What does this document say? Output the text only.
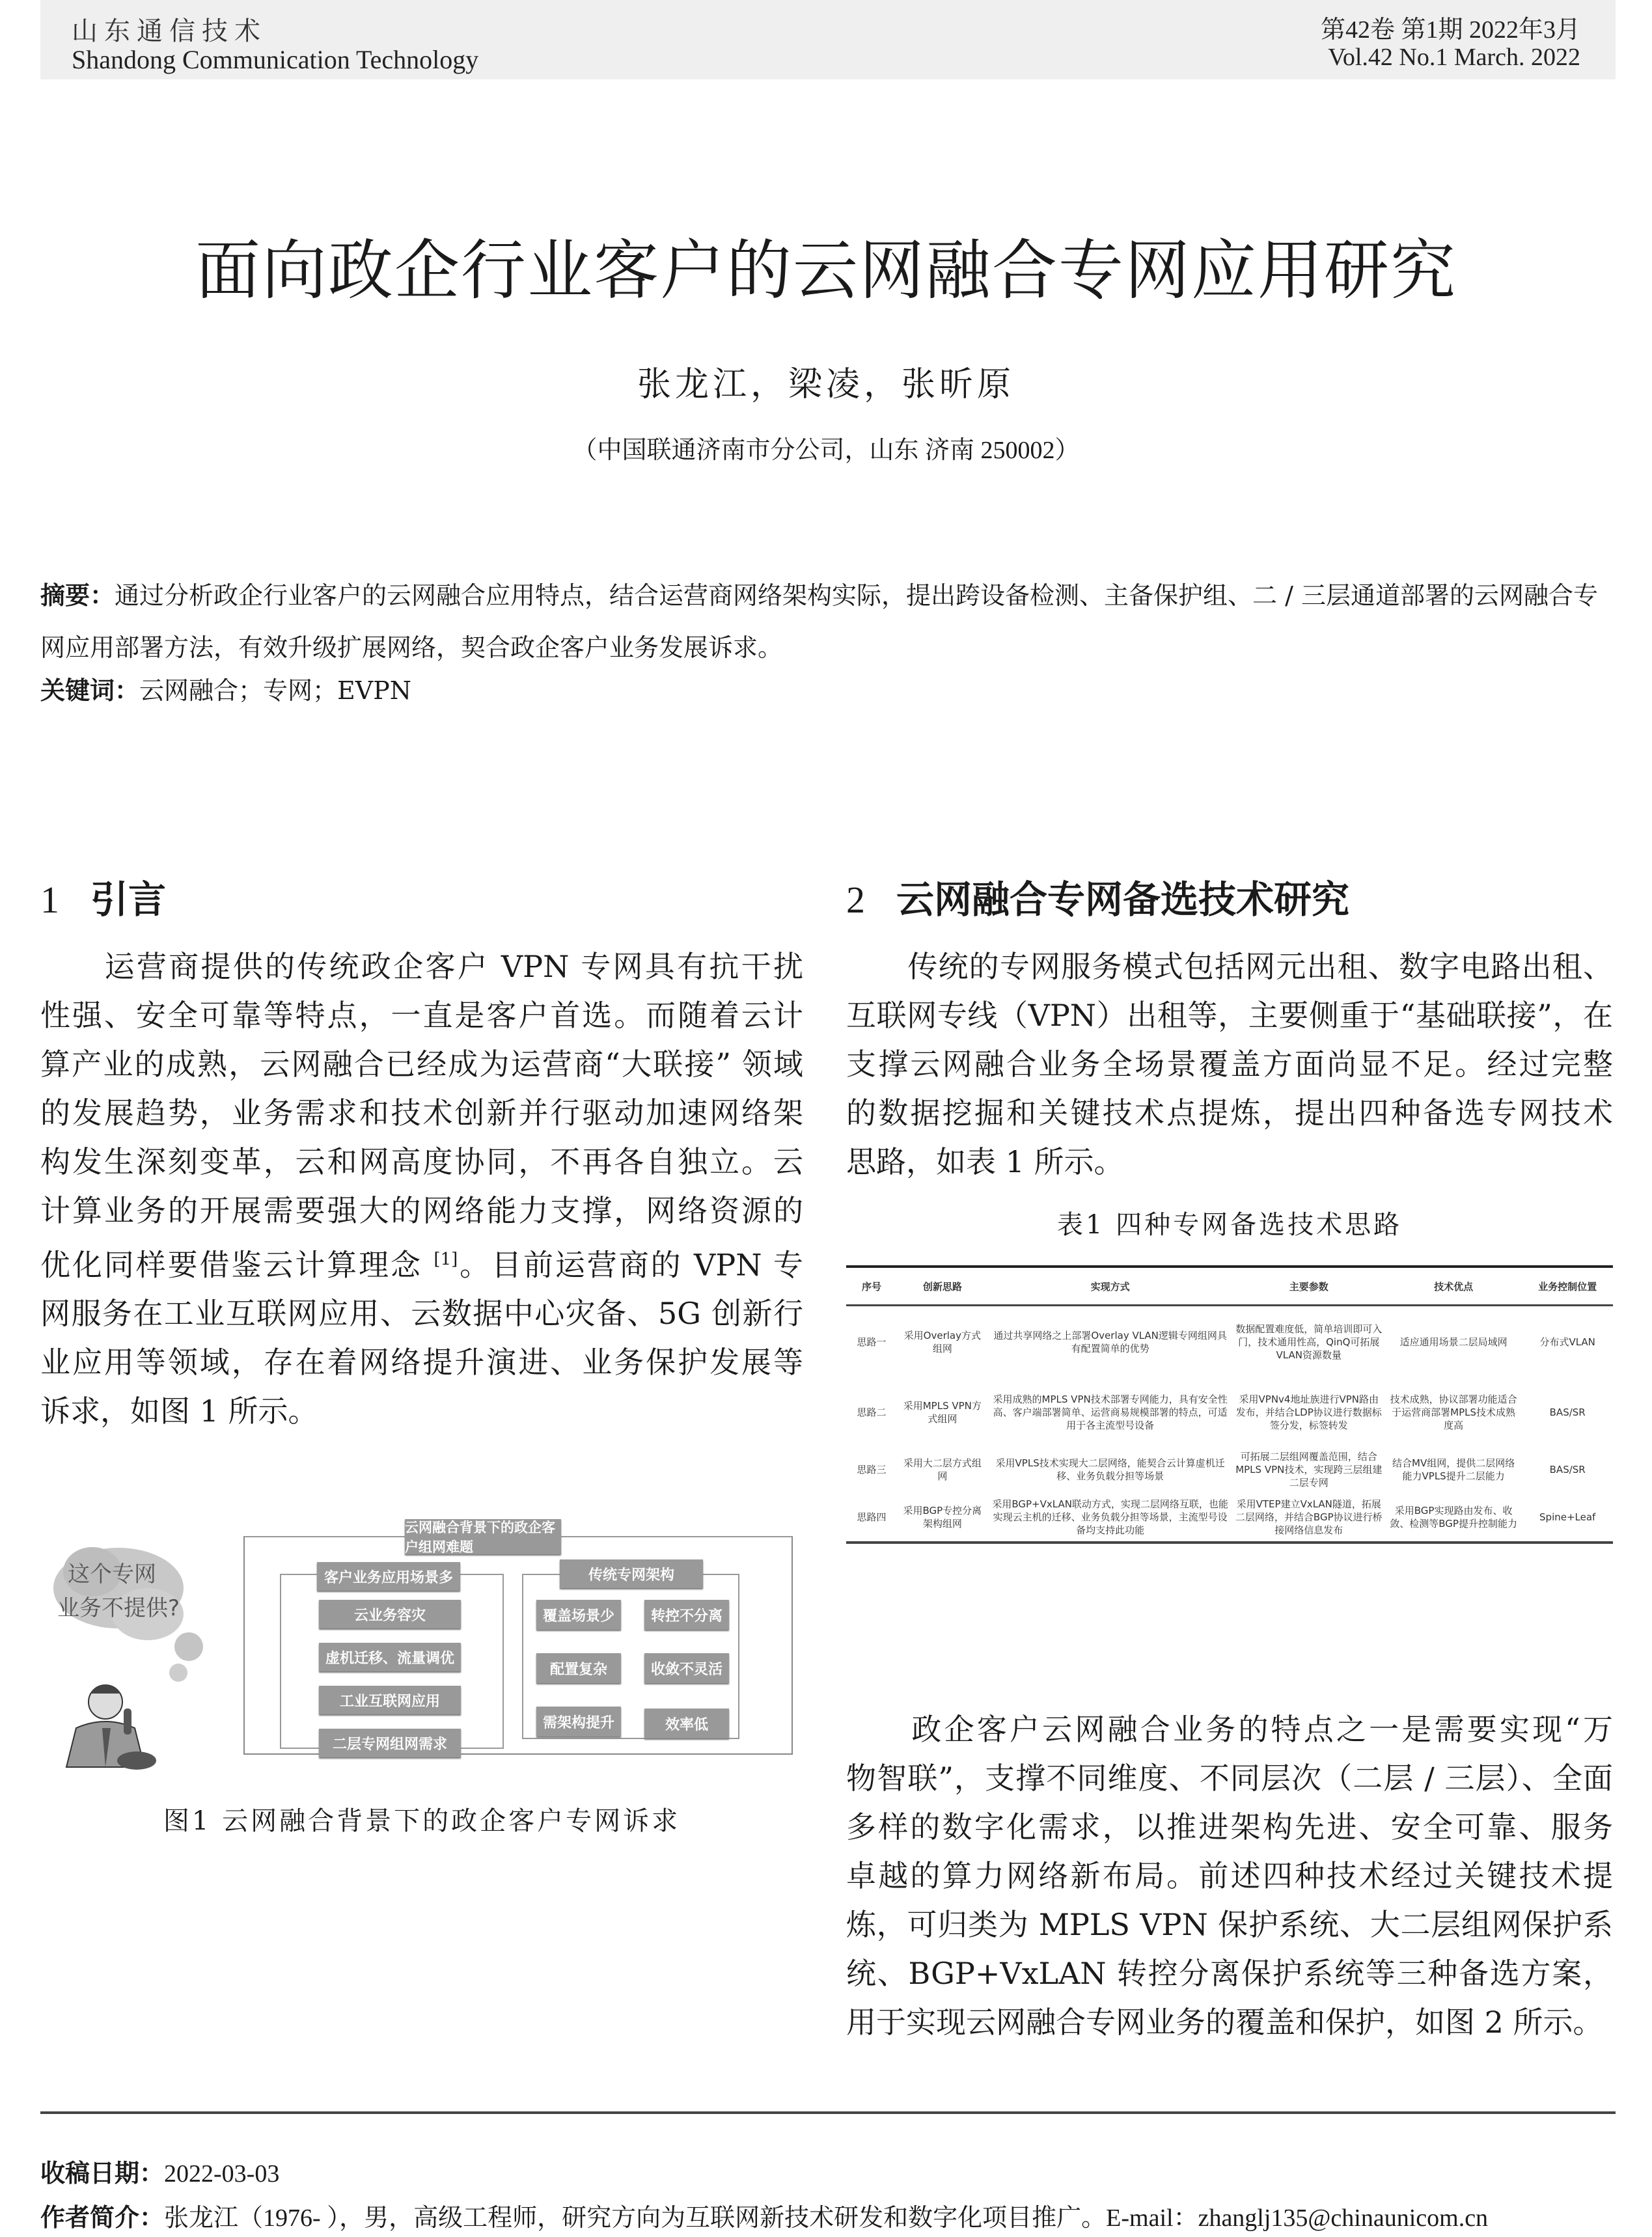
山东通信技术
Shandong Communication Technology
第42卷 第1期 2022年3月
Vol.42 No.1 March. 2022
面向政企行业客户的云网融合专网应用研究
张龙江，梁凌，张昕原
（中国联通济南市分公司，山东 济南 250002）
摘要：通过分析政企行业客户的云网融合应用特点，结合运营商网络架构实际，提出跨设备检测、主备保护组、二 / 三层通道部署的云网融合专网应用部署方法，有效升级扩展网络，契合政企客户业务发展诉求。
关键词：云网融合；专网；EVPN
1 引言
　　运营商提供的传统政企客户 VPN 专网具有抗干扰
性强、安全可靠等特点，一直是客户首选。而随着云计
算产业的成熟，云网融合已经成为运营商“大联接” 领域
的发展趋势，业务需求和技术创新并行驱动加速网络架
构发生深刻变革，云和网高度协同，不再各自独立。云
计算业务的开展需要强大的网络能力支撑，网络资源的
优化同样要借鉴云计算理念 [1]。目前运营商的 VPN 专
网服务在工业互联网应用、云数据中心灾备、5G 创新行
业应用等领域，存在着网络提升演进、业务保护发展等
诉求，如图 1 所示。
这个专网
业务不提供?
云网融合背景下的政企客户组网难题
客户业务应用场景多
云业务容灾
虚机迁移、流量调优
工业互联网应用
二层专网组网需求
传统专网架构
覆盖场景少	转控不分离
配置复杂	收敛不灵活
需架构提升	效率低
图1 云网融合背景下的政企客户专网诉求
2 云网融合专网备选技术研究
　　传统的专网服务模式包括网元出租、数字电路出租、
互联网专线（VPN）出租等，主要侧重于“基础联接”，在
支撑云网融合业务全场景覆盖方面尚显不足。经过完整
的数据挖掘和关键技术点提炼，提出四种备选专网技术
思路，如表 1 所示。
表1 四种专网备选技术思路
序号	创新思路	实现方式	主要参数	技术优点	业务控制位置
思路一	采用Overlay方式组网	通过共享网络之上部署Overlay VLAN逻辑专网组网具有配置简单的优势	数据配置难度低，简单培训即可入门，技术通用性高，QinQ可拓展VLAN资源数量	适应通用场景二层局域网	分布式VLAN
思路二	采用MPLS VPN方式组网	采用成熟的MPLS VPN技术部署专网能力，具有安全性高、客户端部署简单、运营商易规模部署的特点，可适用于各主流型号设备	采用VPNv4地址族进行VPN路由发布，并结合LDP协议进行数据标签分发，标签转发	技术成熟，协议部署功能适合于运营商部署MPLS技术成熟度高	BAS/SR
思路三	采用大二层方式组网	采用VPLS技术实现大二层网络，能契合云计算虚机迁移、业务负载分担等场景	可拓展二层组网覆盖范围，结合MPLS VPN技术，实现跨三层组建二层专网	结合MV组网，提供二层网络能力VPLS提升二层能力	BAS/SR
思路四	采用BGP专控分离架构组网	采用BGP+VxLAN联动方式，实现二层网络互联，也能实现云主机的迁移、业务负载分担等场景，主流型号设备均支持此功能	采用VTEP建立VxLAN隧道，拓展二层网络，并结合BGP协议进行桥接网络信息发布	采用BGP实现路由发布、收敛、检测等BGP提升控制能力	Spine+Leaf
　　政企客户云网融合业务的特点之一是需要实现“万
物智联”，支撑不同维度、不同层次（二层 / 三层）、全面
多样的数字化需求，以推进架构先进、安全可靠、服务
卓越的算力网络新布局。前述四种技术经过关键技术提
炼，可归类为 MPLS VPN 保护系统、大二层组网保护系
统、BGP+VxLAN 转控分离保护系统等三种备选方案，
用于实现云网融合专网业务的覆盖和保护，如图 2 所示。
收稿日期：2022-03-03
作者简介：张龙江（1976- ），男，高级工程师，研究方向为互联网新技术研发和数字化项目推广。E-mail：zhanglj135@chinaunicom.cn
